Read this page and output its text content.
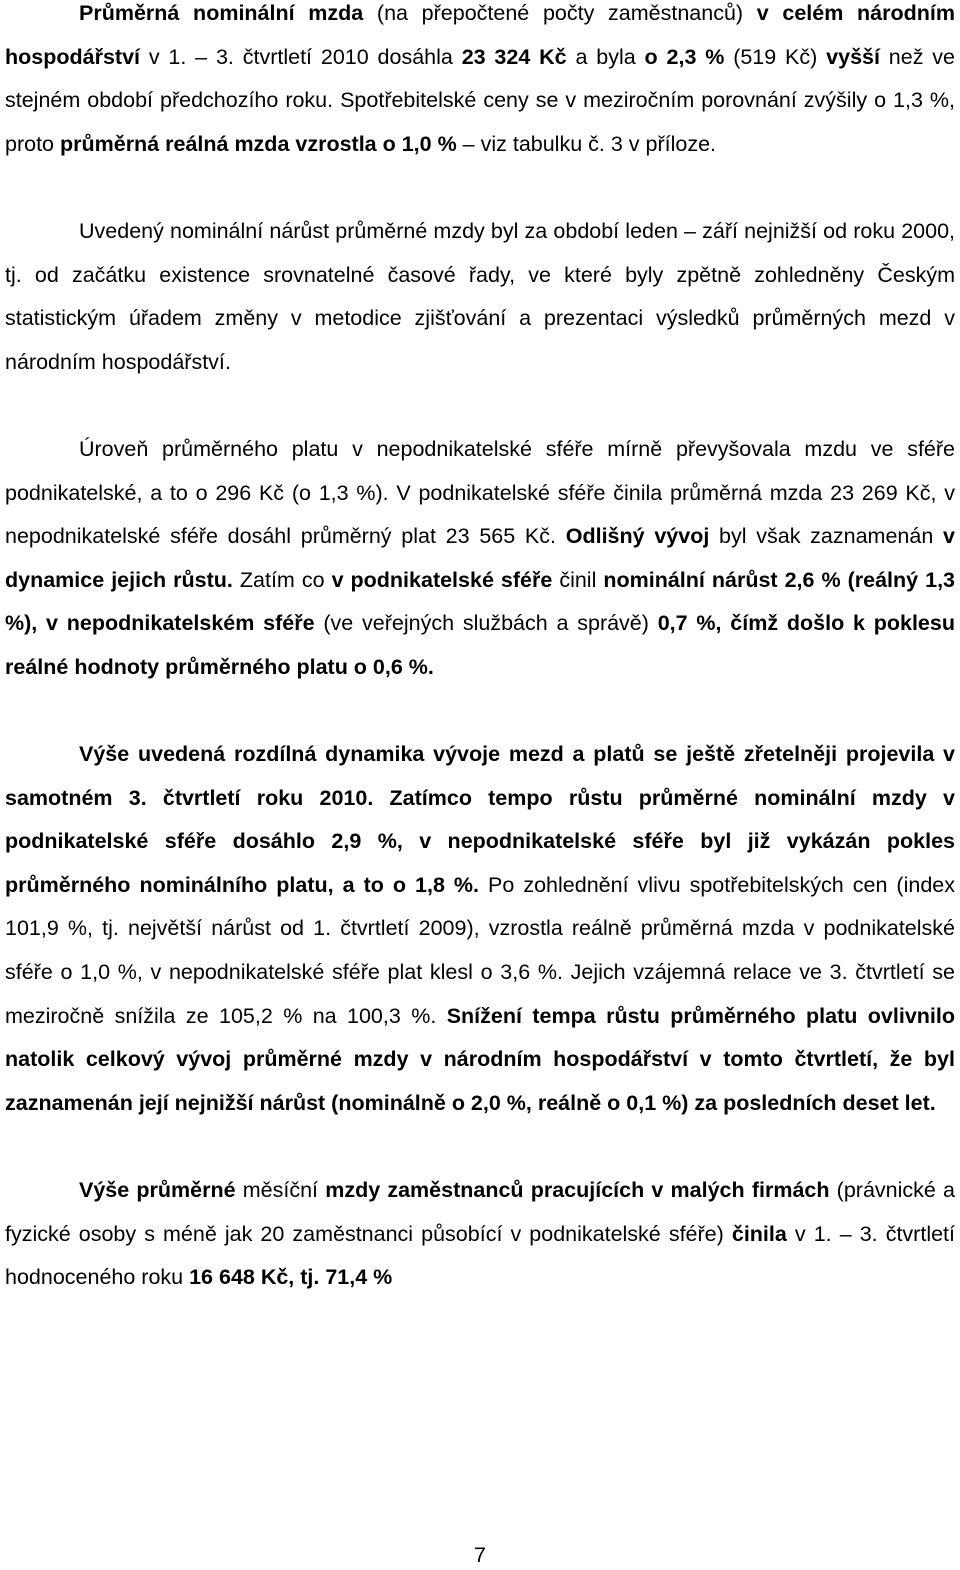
Průměrná nominální mzda (na přepočtené počty zaměstnanců) v celém národním hospodářství v 1. – 3. čtvrtletí 2010 dosáhla 23 324 Kč a byla o 2,3 % (519 Kč) vyšší než ve stejném období předchozího roku. Spotřebitelské ceny se v meziročním porovnání zvýšily o 1,3 %, proto průměrná reálná mzda vzrostla o 1,0 % – viz tabulku č. 3 v příloze.

Uvedený nominální nárůst průměrné mzdy byl za období leden – září nejnižší od roku 2000, tj. od začátku existence srovnatelné časové řady, ve které byly zpětně zohledněny Českým statistickým úřadem změny v metodice zjišťování a prezentaci výsledků průměrných mezd v národním hospodářství.

Úroveň průměrného platu v nepodnikatelské sféře mírně převyšovala mzdu ve sféře podnikatelské, a to o 296 Kč (o 1,3 %). V podnikatelské sféře činila průměrná mzda 23 269 Kč, v nepodnikatelské sféře dosáhl průměrný plat 23 565 Kč. Odlišný vývoj byl však zaznamenán v dynamice jejich růstu. Zatím co v podnikatelské sféře činil nominální nárůst 2,6 % (reálný 1,3 %), v nepodnikatelském sféře (ve veřejných službách a správě) 0,7 %, čímž došlo k poklesu reálné hodnoty průměrného platu o 0,6 %.

Výše uvedená rozdílná dynamika vývoje mezd a platů se ještě zřetelněji projevila v samotném 3. čtvrtletí roku 2010. Zatímco tempo růstu průměrné nominální mzdy v podnikatelské sféře dosáhlo 2,9 %, v nepodnikatelské sféře byl již vykázán pokles průměrného nominálního platu, a to o 1,8 %. Po zohlednění vlivu spotřebitelských cen (index 101,9 %, tj. největší nárůst od 1. čtvrtletí 2009), vzrostla reálně průměrná mzda v podnikatelské sféře o 1,0 %, v nepodnikatelské sféře plat klesl o 3,6 %. Jejich vzájemná relace ve 3. čtvrtletí se meziročně snížila ze 105,2 % na 100,3 %. Snížení tempa růstu průměrného platu ovlivnilo natolik celkový vývoj průměrné mzdy v národním hospodářství v tomto čtvrtletí, že byl zaznamenán její nejnižší nárůst (nominálně o 2,0 %, reálně o 0,1 %) za posledních deset let.

Výše průměrné měsíční mzdy zaměstnanců pracujících v malých firmách (právnické a fyzické osoby s méně jak 20 zaměstnanci působící v podnikatelské sféře) činila v 1. – 3. čtvrtletí hodnoceného roku 16 648 Kč, tj. 71,4 %

7
